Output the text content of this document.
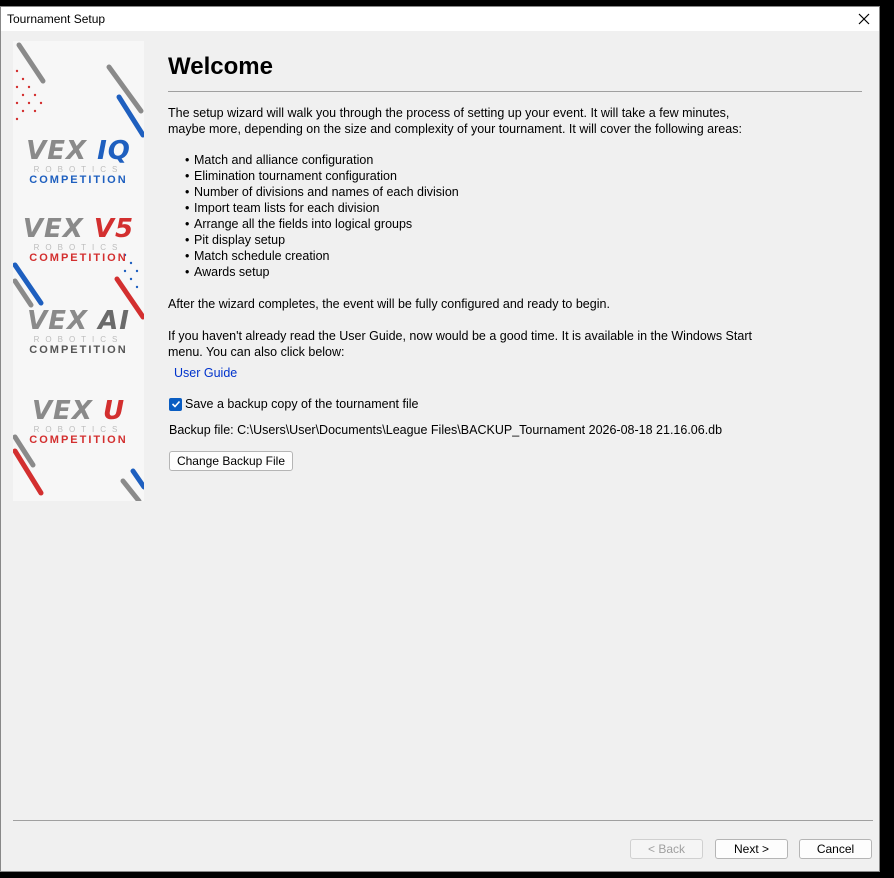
Tournament Setup
VEX IQ
ROBOTICS
COMPETITION
VEX V5
ROBOTICS
COMPETITION
VEX AI
ROBOTICS
COMPETITION
VEX U
ROBOTICS
COMPETITION
Welcome
The setup wizard will walk you through the process of setting up your event. It will take a few minutes, maybe more, depending on the size and complexity of your tournament. It will cover the following areas:
• Match and alliance configuration
• Elimination tournament configuration
• Number of divisions and names of each division
• Import team lists for each division
• Arrange all the fields into logical groups
• Pit display setup
• Match schedule creation
• Awards setup
After the wizard completes, the event will be fully configured and ready to begin.
If you haven't already read the User Guide, now would be a good time. It is available in the Windows Start menu. You can also click below:
User Guide
Save a backup copy of the tournament file
Backup file: C:\Users\User\Documents\League Files\BACKUP_Tournament 2026-08-18 21.16.06.db
Change Backup File
< Back	Next >	Cancel
